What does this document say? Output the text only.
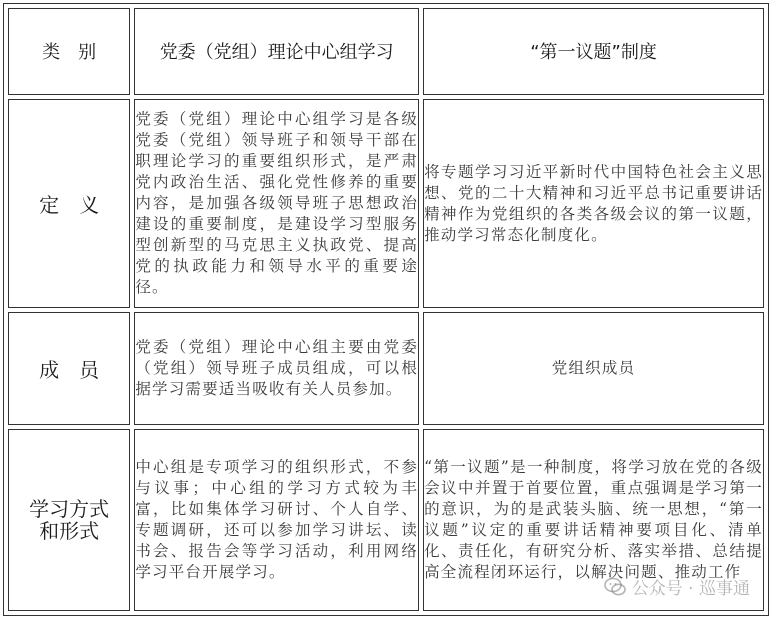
类　别	党委（党组）理论中心组学习	“第一议题”制度
定　义	党委（党组）理论中心组学习是各级党委（党组）领导班子和领导干部在职理论学习的重要组织形式，是严肃党内政治生活、强化党性修养的重要内容，是加强各级领导班子思想政治建设的重要制度，是建设学习型服务型创新型的马克思主义执政党、提高党的执政能力和领导水平的重要途径。	将专题学习习近平新时代中国特色社会主义思想、党的二十大精神和习近平总书记重要讲话精神作为党组织的各类各级会议的第一议题，推动学习常态化制度化。
成　员	党委（党组）理论中心组主要由党委（党组）领导班子成员组成，可以根据学习需要适当吸收有关人员参加。	党组织成员
学习方式和形式	中心组是专项学习的组织形式，不参与议事；中心组的学习方式较为丰富，比如集体学习研讨、个人自学、专题调研，还可以参加学习讲坛、读书会、报告会等学习活动，利用网络学习平台开展学习。	“第一议题”是一种制度，将学习放在党的各级会议中并置于首要位置，重点强调是学习第一的意识，为的是武装头脑、统一思想，“第一议题”议定的重要讲话精神要项目化、清单化、责任化，有研究分析、落实举措、总结提高全流程闭环运行，以解决问题、推动工作
公众号 · 巡事通
